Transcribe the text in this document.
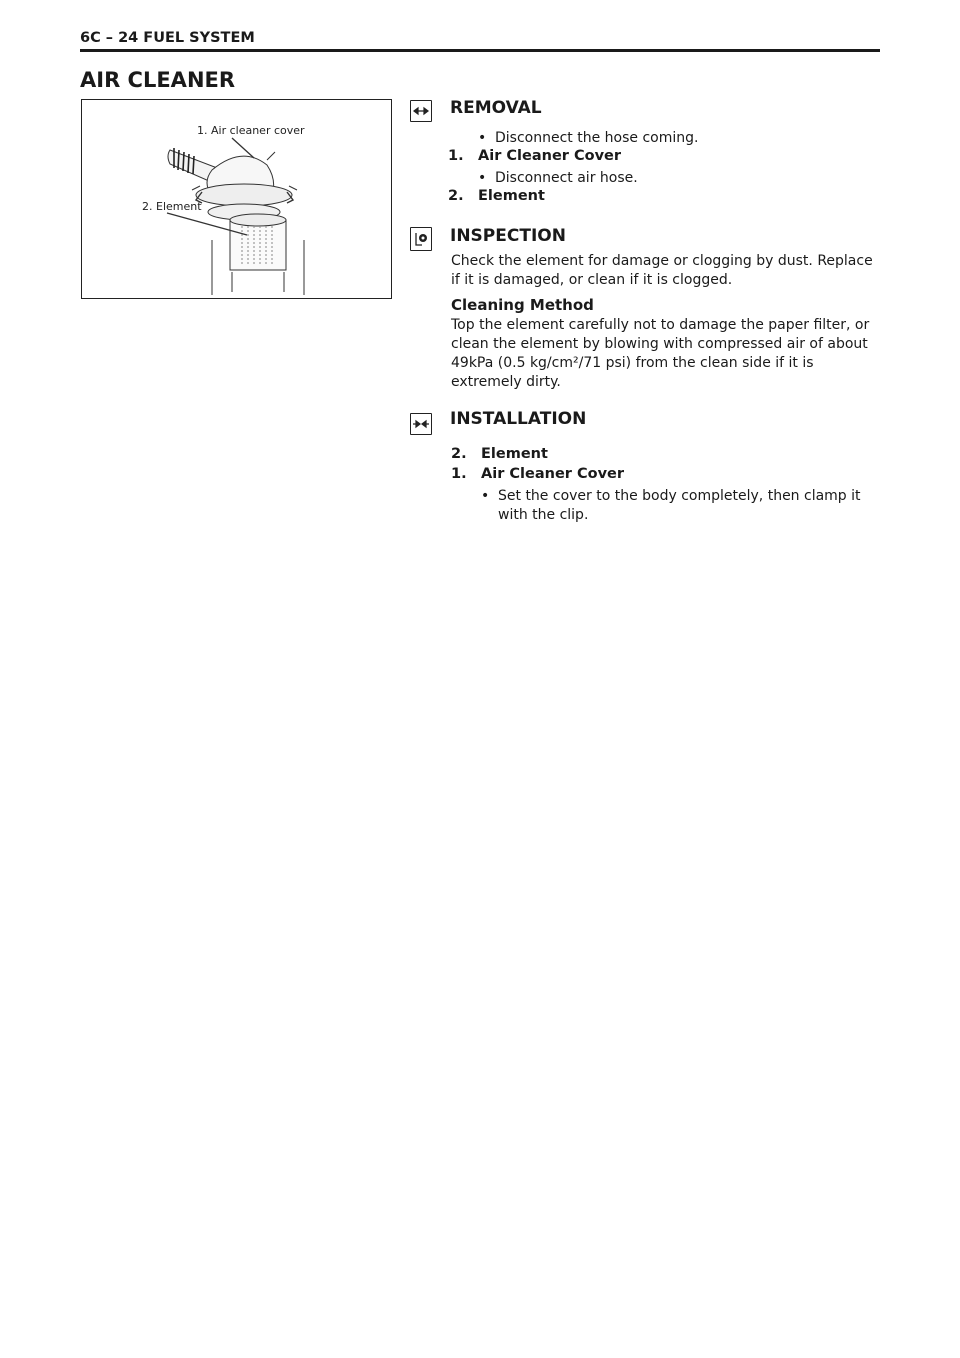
6C – 24 FUEL SYSTEM
AIR CLEANER
1. Air cleaner cover
2. Element
REMOVAL
• Disconnect the hose coming.
1. Air Cleaner Cover
• Disconnect air hose.
2. Element
INSPECTION
Check the element for damage or clogging by dust. Replace if it is damaged, or clean if it is clogged.
Cleaning Method
Top the element carefully not to damage the paper filter, or clean the element by blowing with compressed air of about 49kPa (0.5 kg/cm²/71 psi) from the clean side if it is extremely dirty.
INSTALLATION
2. Element
1. Air Cleaner Cover
• Set the cover to the body completely, then clamp it with the clip.
